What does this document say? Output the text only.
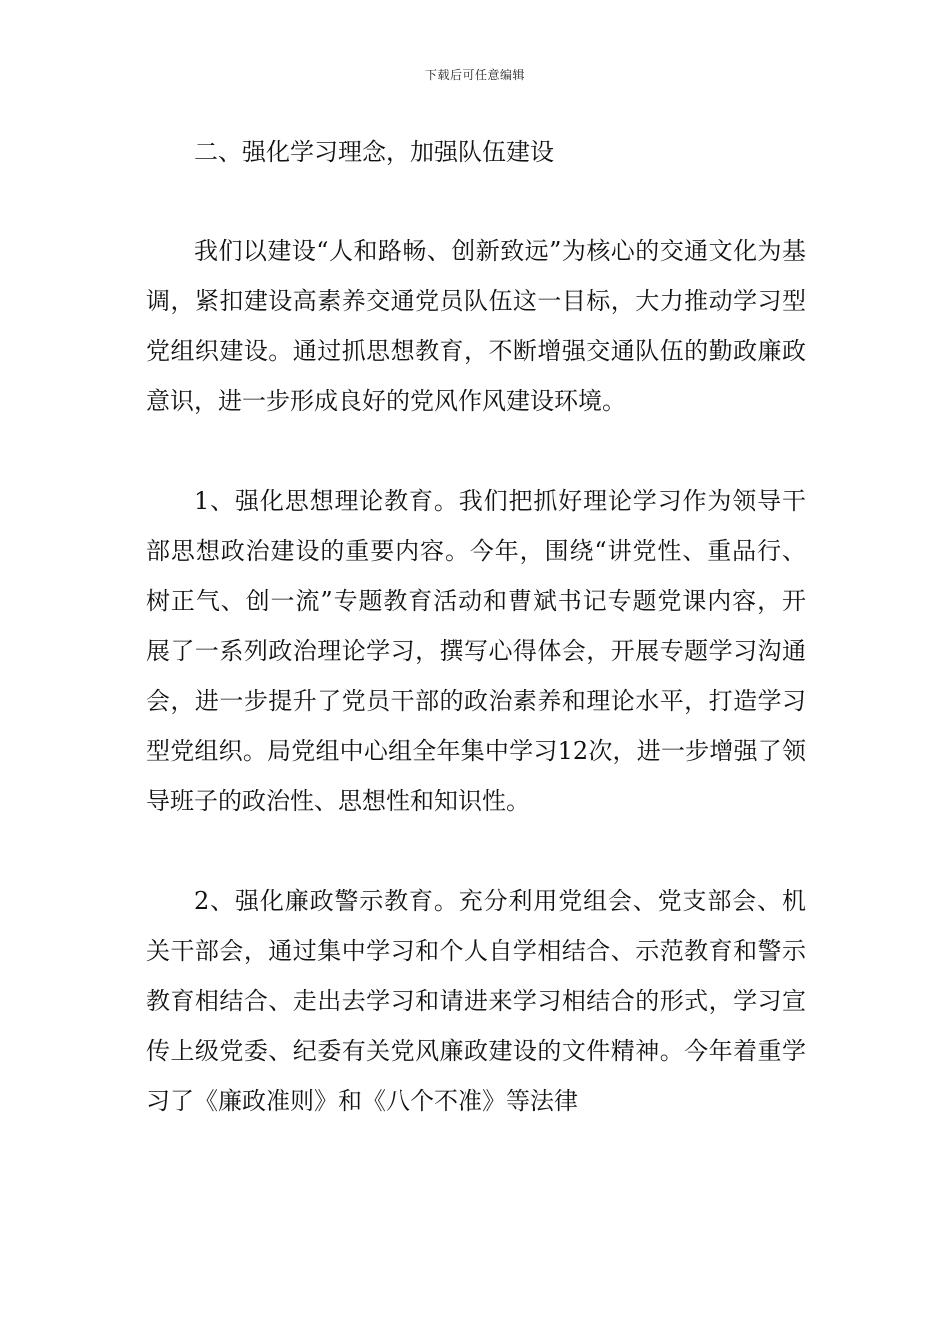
下载后可任意编辑

二、强化学习理念，加强队伍建设

我们以建设“人和路畅、创新致远”为核心的交通文化为基调，紧扣建设高素养交通党员队伍这一目标，大力推动学习型党组织建设。通过抓思想教育，不断增强交通队伍的勤政廉政意识，进一步形成良好的党风作风建设环境。

1、强化思想理论教育。我们把抓好理论学习作为领导干部思想政治建设的重要内容。今年，围绕“讲党性、重品行、树正气、创一流”专题教育活动和曹斌书记专题党课内容，开展了一系列政治理论学习，撰写心得体会，开展专题学习沟通会，进一步提升了党员干部的政治素养和理论水平，打造学习型党组织。局党组中心组全年集中学习12次，进一步增强了领导班子的政治性、思想性和知识性。

2、强化廉政警示教育。充分利用党组会、党支部会、机关干部会，通过集中学习和个人自学相结合、示范教育和警示教育相结合、走出去学习和请进来学习相结合的形式，学习宣传上级党委、纪委有关党风廉政建设的文件精神。今年着重学习了《廉政准则》和《八个不准》等法律
